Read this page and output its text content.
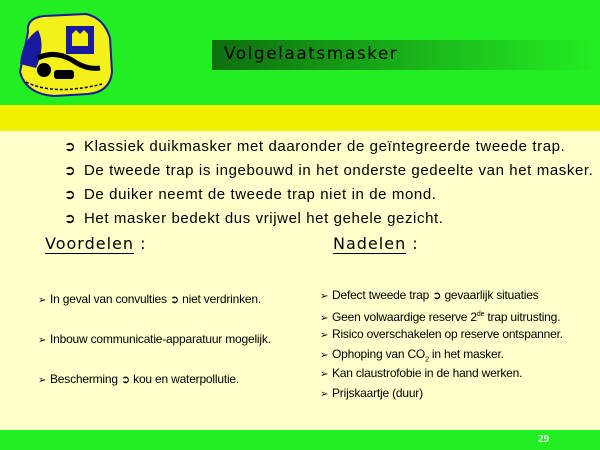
Volgelaatsmasker
➲ Klassiek duikmasker met daaronder de geïntegreerde tweede trap.
➲ De tweede trap is ingebouwd in het onderste gedeelte van het masker.
➲ De duiker neemt de tweede trap niet in de mond.
➲ Het masker bedekt dus vrijwel het gehele gezicht.
Voordelen :	Nadelen :
➢ In geval van convulties ➲ niet verdrinken.
➢ Inbouw communicatie-apparatuur mogelijk.
➢ Bescherming ➲ kou en waterpollutie.
➢ Defect tweede trap ➲ gevaarlijk situaties
➢ Geen volwaardige reserve 2de trap uitrusting.
➢ Risico overschakelen op reserve ontspanner.
➢ Ophoping van $CO_2$ in het masker.
➢ Kan claustrofobie in de hand werken.
➢ Prijskaartje (duur)
29
